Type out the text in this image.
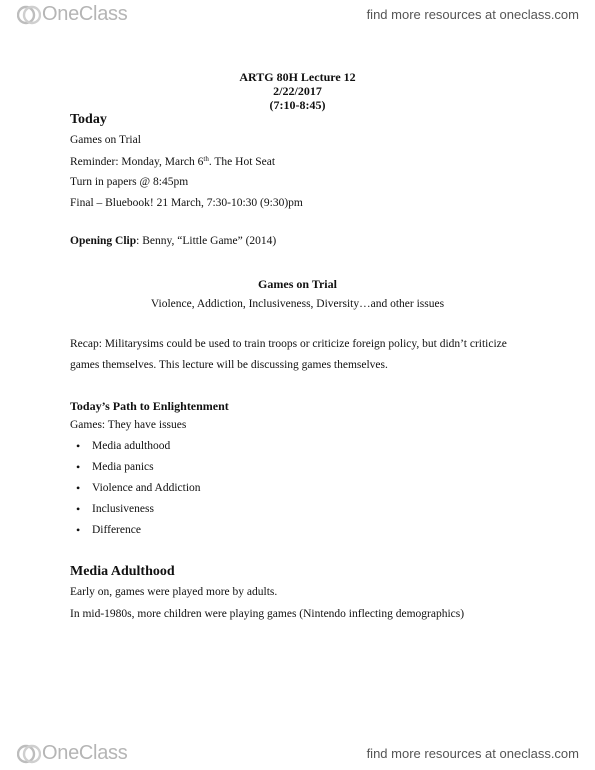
OneClass	find more resources at oneclass.com
ARTG 80H Lecture 12
2/22/2017
(7:10-8:45)
Today
Games on Trial
Reminder: Monday, March 6th. The Hot Seat
Turn in papers @ 8:45pm
Final – Bluebook! 21 March, 7:30-10:30 (9:30)pm
Opening Clip: Benny, “Little Game” (2014)
Games on Trial
Violence, Addiction, Inclusiveness, Diversity…and other issues
Recap: Militarysims could be used to train troops or criticize foreign policy, but didn’t criticize
games themselves. This lecture will be discussing games themselves.
Today’s Path to Enlightenment
Games: They have issues
• Media adulthood
• Media panics
• Violence and Addiction
• Inclusiveness
• Difference
Media Adulthood
Early on, games were played more by adults.
In mid-1980s, more children were playing games (Nintendo inflecting demographics)
OneClass	find more resources at oneclass.com
